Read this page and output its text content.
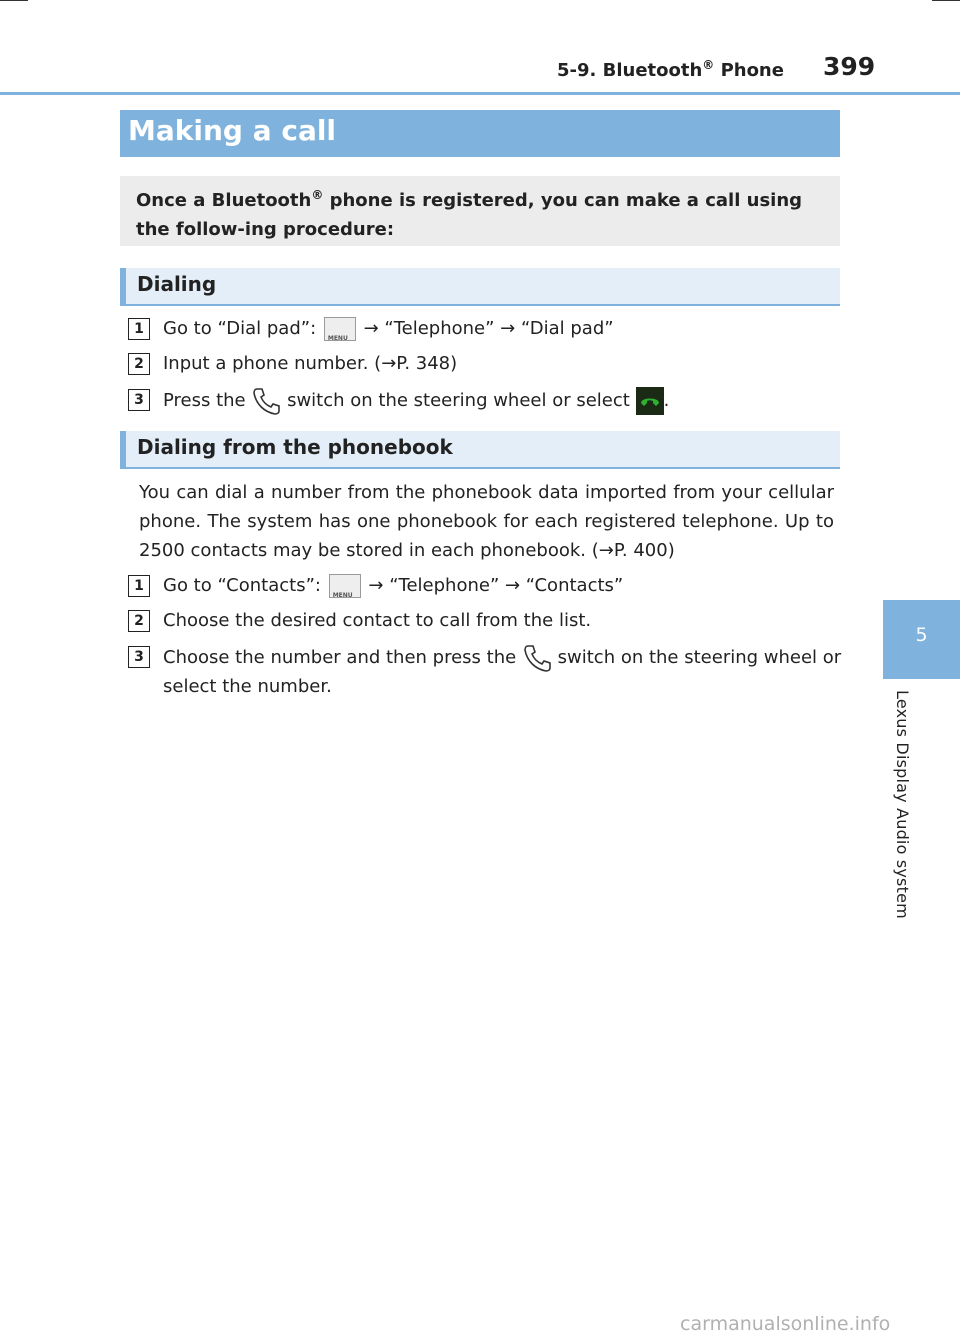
5-9. Bluetooth® Phone 399
5
Lexus Display Audio system
Making a call
Once a Bluetooth® phone is registered, you can make a call using the follow-ing procedure:
Dialing
1	Go to “Dial pad”: MENU → “Telephone” → “Dial pad”
2	Input a phone number. (→P. 348)
3	Press the  switch on the steering wheel or select .
Dialing from the phonebook
You can dial a number from the phonebook data imported from your cellular phone. The system has one phonebook for each registered telephone. Up to 2500 contacts may be stored in each phonebook. (→P. 400)
1	Go to “Contacts”: MENU → “Telephone” → “Contacts”
2	Choose the desired contact to call from the list.
3	Choose the number and then press the  switch on the steering wheel or
select the number.
carmanualsonline.info
